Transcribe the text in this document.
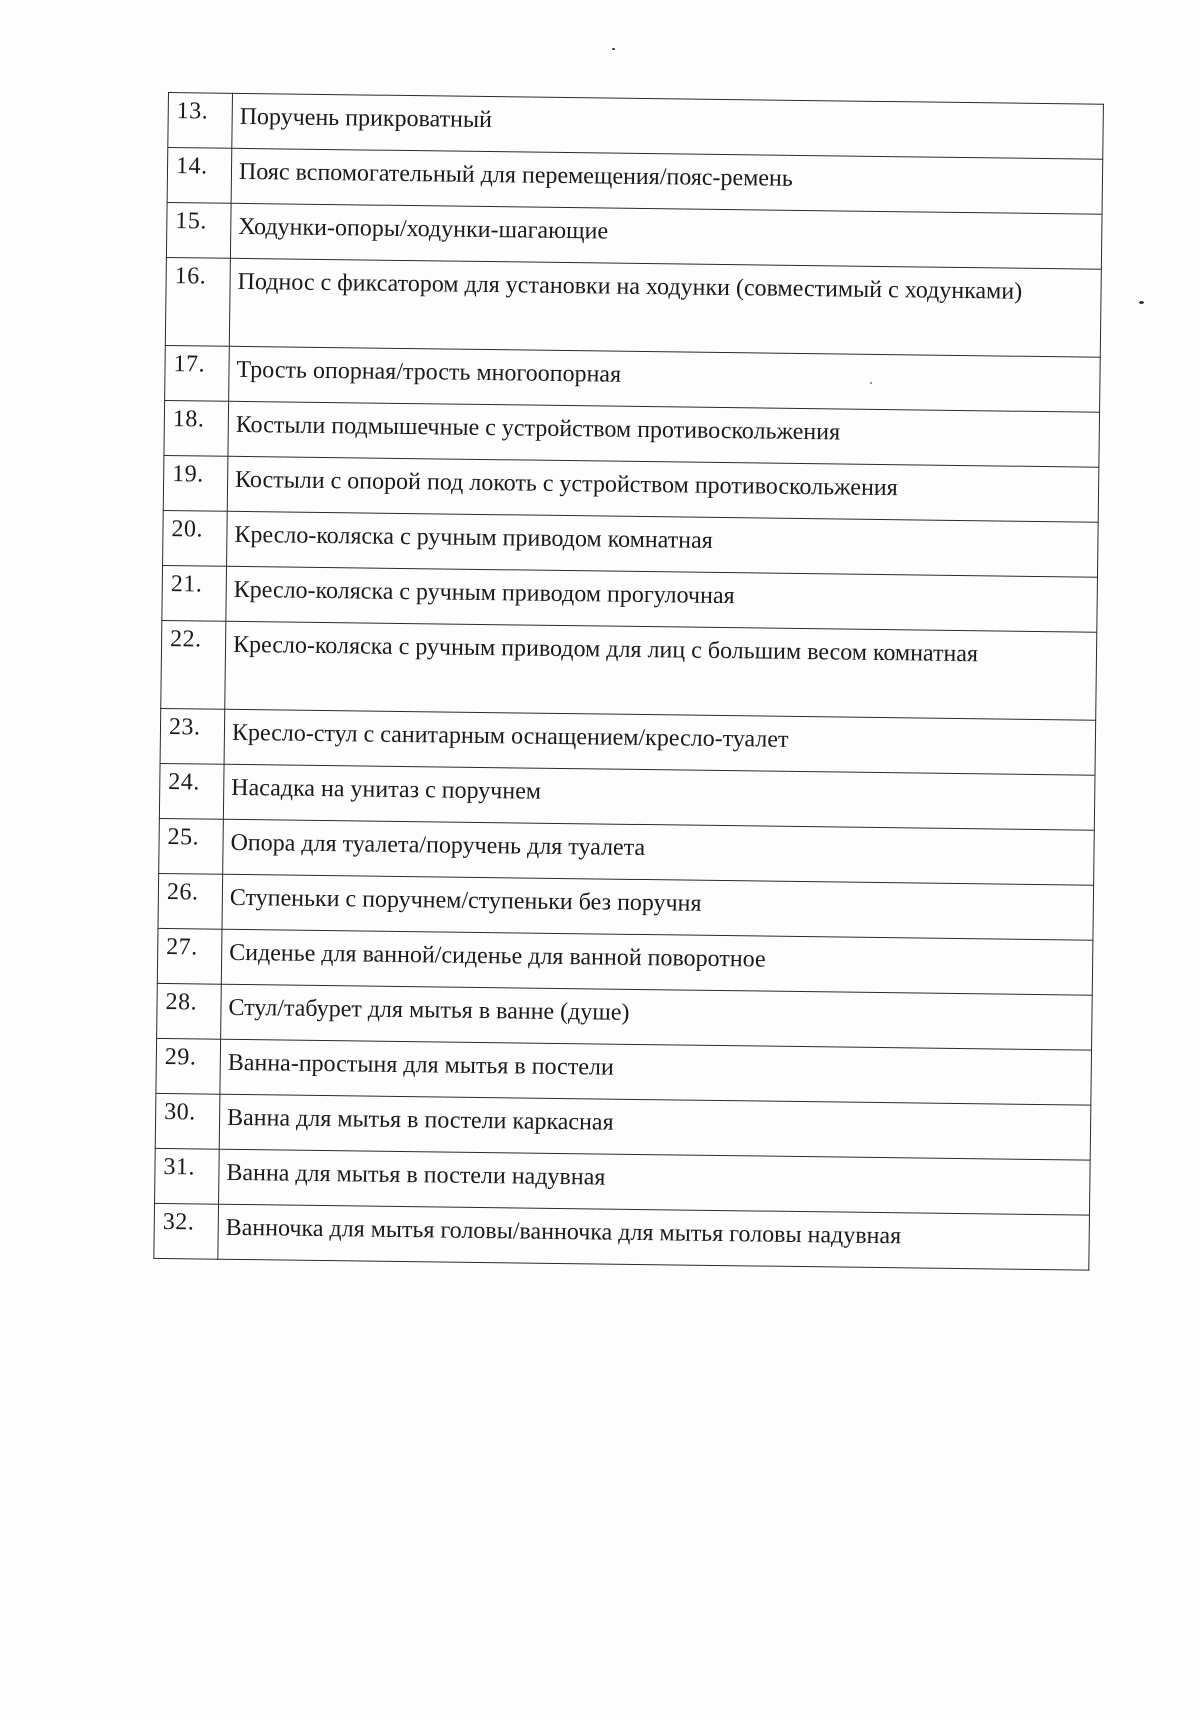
13.	Поручень прикроватный
14.	Пояс вспомогательный для перемещения/пояс-ремень
15.	Ходунки-опоры/ходунки-шагающие
16.	Поднос с фиксатором для установки на ходунки (совместимый с ходунками)
17.	Трость опорная/трость многоопорная
18.	Костыли подмышечные с устройством противоскольжения
19.	Костыли с опорой под локоть с устройством противоскольжения
20.	Кресло-коляска с ручным приводом комнатная
21.	Кресло-коляска с ручным приводом прогулочная
22.	Кресло-коляска с ручным приводом для лиц с большим весом комнатная
23.	Кресло-стул с санитарным оснащением/кресло-туалет
24.	Насадка на унитаз с поручнем
25.	Опора для туалета/поручень для туалета
26.	Ступеньки с поручнем/ступеньки без поручня
27.	Сиденье для ванной/сиденье для ванной поворотное
28.	Стул/табурет для мытья в ванне (душе)
29.	Ванна-простыня для мытья в постели
30.	Ванна для мытья в постели каркасная
31.	Ванна для мытья в постели надувная
32.	Ванночка для мытья головы/ванночка для мытья головы надувная
